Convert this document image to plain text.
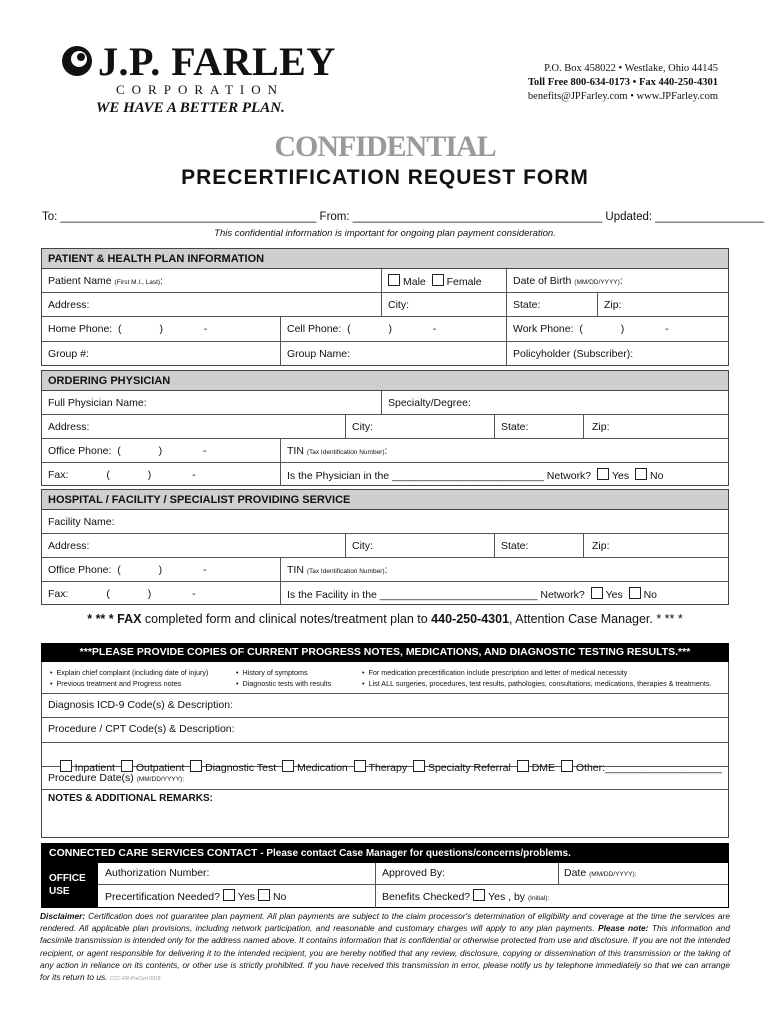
J.P. FARLEY
CORPORATION
WE HAVE A BETTER PLAN.
P.O. Box 458022 • Westlake, Ohio 44145
Toll Free 800-634-0173 • Fax 440-250-4301
benefits@JPFarley.com • www.JPFarley.com
CONFIDENTIAL
PRECERTIFICATION REQUEST FORM
To: ________________________________________ From: _______________________________________ Updated: _________________
This confidential information is important for ongoing plan payment consideration.
PATIENT & HEALTH PLAN INFORMATION
Patient Name (First M.I., Last):	Male Female	Date of Birth (MM/DD/YYYY):
Address:	City:	State:	Zip:
Home Phone:  (             )              -	Cell Phone:  (             )              -	Work Phone:  (             )              -
Group #:	Group Name:	Policyholder (Subscriber):
ORDERING PHYSICIAN
Full Physician Name:	Specialty/Degree:
Address:	City:	State:	Zip:
Office Phone:  (             )              -	TIN (Tax Identification Number):
Fax:             (             )              -	Is the Physician in the __________________________ Network? Yes No
HOSPITAL / FACILITY / SPECIALIST PROVIDING SERVICE
Facility Name:
Address:	City:	State:	Zip:
Office Phone:  (             )              -	TIN (Tax Identification Number):
Fax:             (             )              -	Is the Facility in the ___________________________ Network? Yes No
* ** * FAX completed form and clinical notes/treatment plan to 440-250-4301, Attention Case Manager. * ** *
***PLEASE PROVIDE COPIES OF CURRENT PROGRESS NOTES, MEDICATIONS, AND DIAGNOSTIC TESTING RESULTS.***
•  Explain chief complaint (including date of injury)
•  Previous treatment and Progress notes
•  History of symptoms
•  Diagnostic tests with results
•  For medication precertification include prescription and letter of medical necessity
•  List ALL surgeries, procedures, test results, pathologies, consultations, medications, therapies & treatments.
Diagnosis ICD-9 Code(s) & Description:
Procedure / CPT Code(s) & Description:

Inpatient Outpatient Diagnostic Test Medication Therapy Specialty Referral DME Other:____________________

Procedure Date(s) (MM/DD/YYYY):
NOTES & ADDITIONAL REMARKS:
CONNECTED CARE SERVICES CONTACT - Please contact Case Manager for questions/concerns/problems.
OFFICE
USE
Authorization Number:	Approved By:	Date (MM/DD/YYYY):
Precertification Needed? Yes No	Benefits Checked? Yes , by (Initial):
Disclaimer: Certification does not guarantee plan payment. All plan payments are subject to the claim processor's determination of eligibility and coverage at the time the services are rendered. All applicable plan provisions, including network participation, and reasonable and customary charges will apply to any plan payments. Please note: This information and facsimile transmission is intended only for the address named above. It contains information that is confidential or otherwise protected from use and disclosure. If you are not the intended recipient, or agent responsible for delivering it to the intended recipient, you are hereby notified that any review, disclosure, copying or dissemination of this transmission or the taking of any action in reliance on its contents, or other use is strictly prohibited. If you have received this transmission in error, please notify us by telephone immediately so that we can arrange for its return to us. CCC-FR-PreCert 0918
